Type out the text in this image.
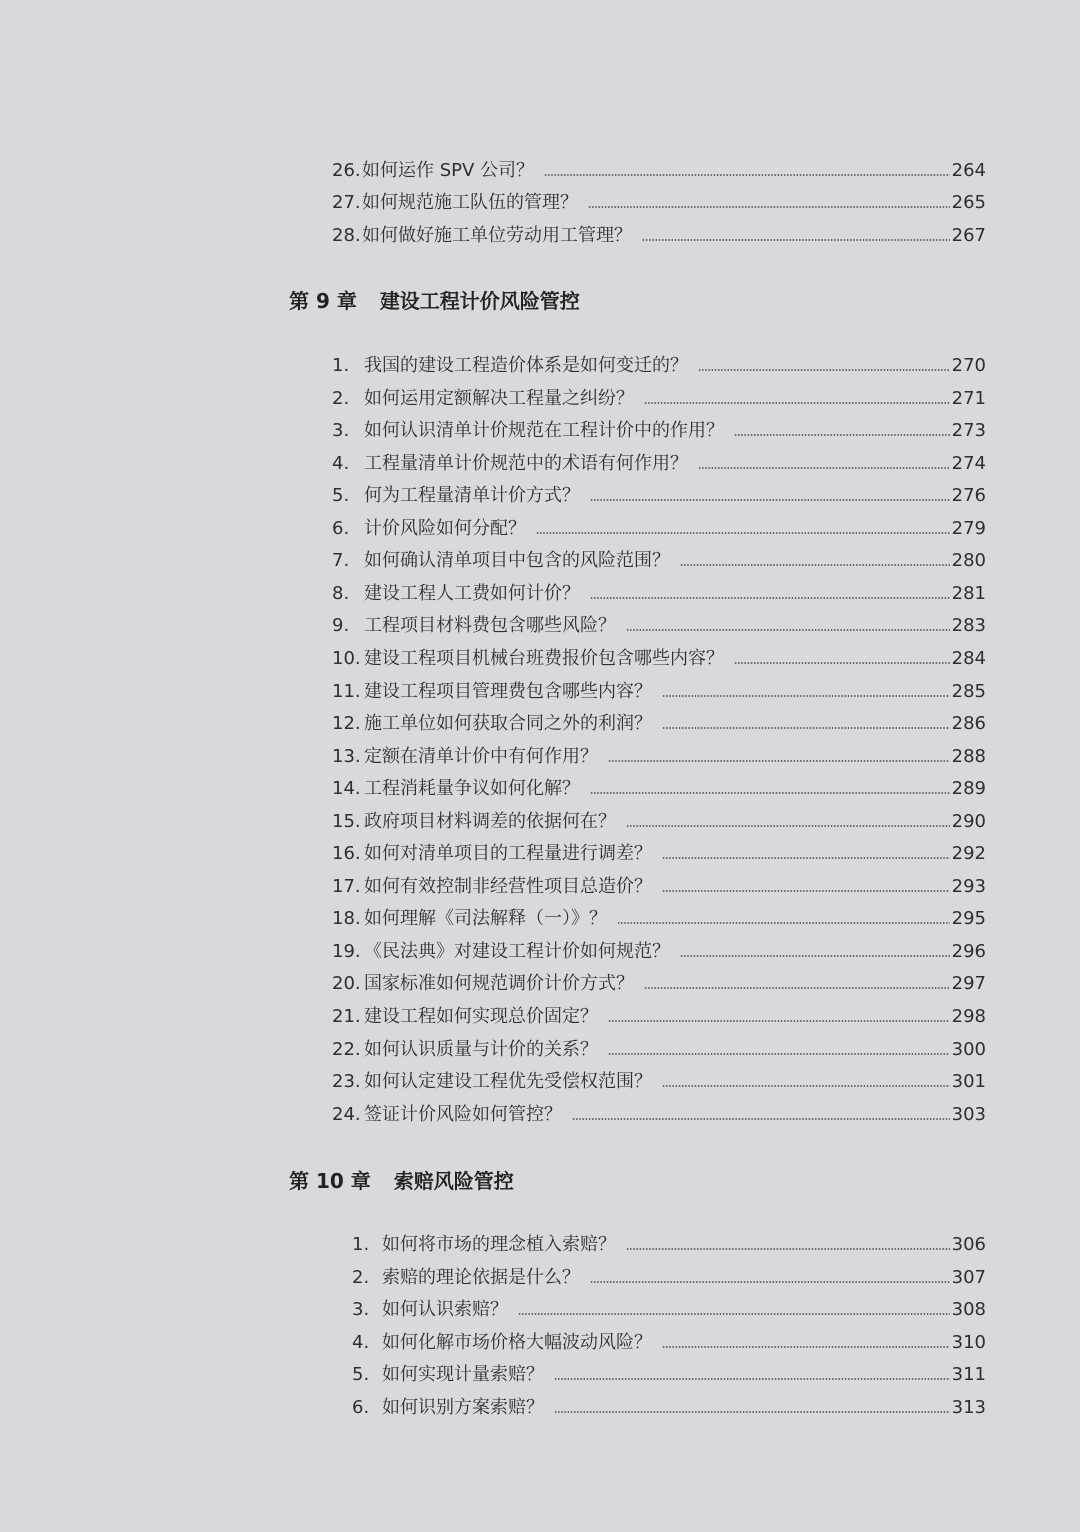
26. 如何运作 SPV 公司？	264
27. 如何规范施工队伍的管理？	265
28. 如何做好施工单位劳动用工管理？	267
第 9 章 建设工程计价风险管控
1. 我国的建设工程造价体系是如何变迁的？	270
2. 如何运用定额解决工程量之纠纷？	271
3. 如何认识清单计价规范在工程计价中的作用？	273
4. 工程量清单计价规范中的术语有何作用？	274
5. 何为工程量清单计价方式？	276
6. 计价风险如何分配？	279
7. 如何确认清单项目中包含的风险范围？	280
8. 建设工程人工费如何计价？	281
9. 工程项目材料费包含哪些风险？	283
10. 建设工程项目机械台班费报价包含哪些内容？	284
11. 建设工程项目管理费包含哪些内容？	285
12. 施工单位如何获取合同之外的利润？	286
13. 定额在清单计价中有何作用？	288
14. 工程消耗量争议如何化解？	289
15. 政府项目材料调差的依据何在？	290
16. 如何对清单项目的工程量进行调差？	292
17. 如何有效控制非经营性项目总造价？	293
18. 如何理解《司法解释（一）》？	295
19. 《民法典》对建设工程计价如何规范？	296
20. 国家标准如何规范调价计价方式？	297
21. 建设工程如何实现总价固定？	298
22. 如何认识质量与计价的关系？	300
23. 如何认定建设工程优先受偿权范围？	301
24. 签证计价风险如何管控？	303
第 10 章 索赔风险管控
1. 如何将市场的理念植入索赔？	306
2. 索赔的理论依据是什么？	307
3. 如何认识索赔？	308
4. 如何化解市场价格大幅波动风险？	310
5. 如何实现计量索赔？	311
6. 如何识别方案索赔？	313
